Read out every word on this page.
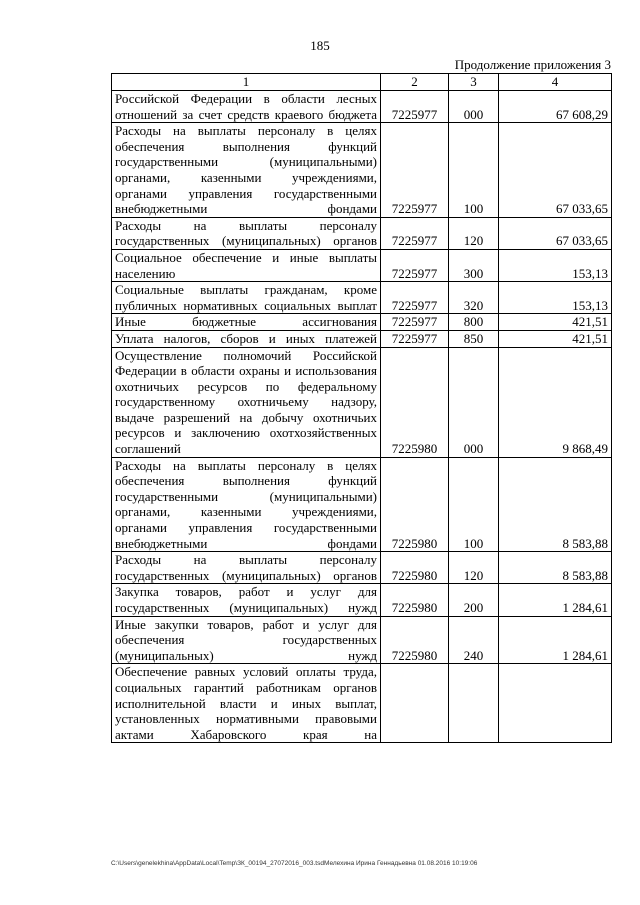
185
Продолжение приложения 3
1	2	3	4
Российской Федерации в области лесных отношений за счет средств краевого бюджета	7225977	000	67 608,29
Расходы на выплаты персоналу в целях обеспечения выполнения функций государственными (муниципальными) органами, казенными учреждениями, органами управления государственными внебюджетными фондами	7225977	100	67 033,65
Расходы на выплаты персоналу государственных (муниципальных) органов	7225977	120	67 033,65
Социальное обеспечение и иные выплаты населению	7225977	300	153,13
Социальные выплаты гражданам, кроме публичных нормативных социальных выплат	7225977	320	153,13
Иные бюджетные ассигнования	7225977	800	421,51
Уплата налогов, сборов и иных платежей	7225977	850	421,51
Осуществление полномочий Российской Федерации в области охраны и использования охотничьих ресурсов по федеральному государственному охотничьему надзору, выдаче разрешений на добычу охотничьих ресурсов и заключению охотхозяйственных соглашений	7225980	000	9 868,49
Расходы на выплаты персоналу в целях обеспечения выполнения функций государственными (муниципальными) органами, казенными учреждениями, органами управления государственными внебюджетными фондами	7225980	100	8 583,88
Расходы на выплаты персоналу государственных (муниципальных) органов	7225980	120	8 583,88
Закупка товаров, работ и услуг для государственных (муниципальных) нужд	7225980	200	1 284,61
Иные закупки товаров, работ и услуг для обеспечения государственных (муниципальных) нужд	7225980	240	1 284,61
Обеспечение равных условий оплаты труда, социальных гарантий работникам органов исполнительной власти и иных выплат, установленных нормативными правовыми актами Хабаровского края на			
C:\Users\genelekhina\AppData\Local\Temp\ЗК_00194_27072016_003.tsdМелехина Ирина Геннадьевна 01.08.2016 10:19:06
